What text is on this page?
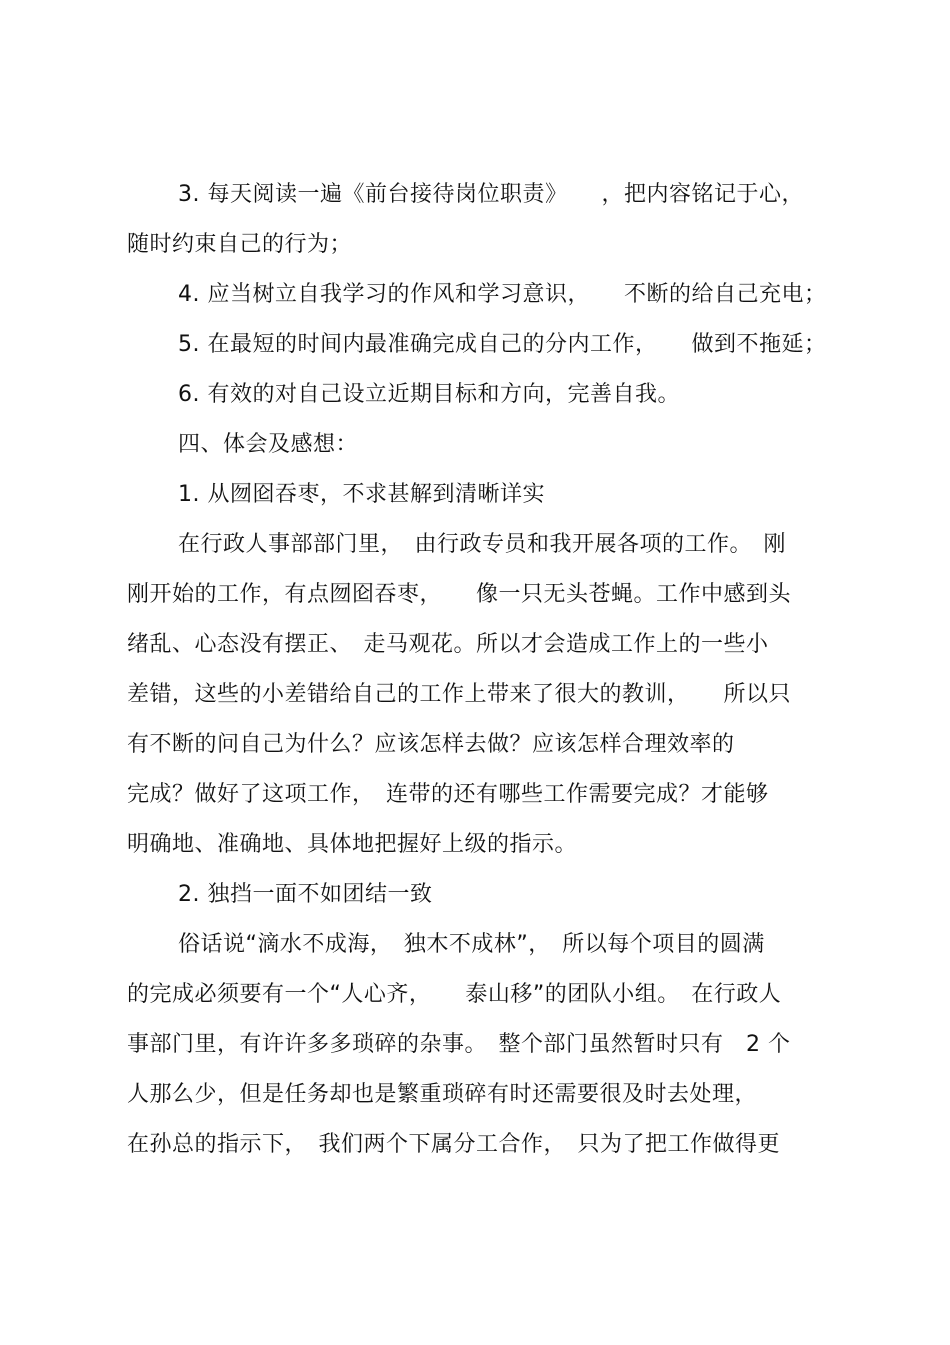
3. 每天阅读一遍《前台接待岗位职责》　　，把内容铭记于心，
随时约束自己的行为；
4. 应当树立自我学习的作风和学习意识，　　不断的给自己充电；
5. 在最短的时间内最准确完成自己的分内工作，　　做到不拖延；
6. 有效的对自己设立近期目标和方向，完善自我。
四、体会及感想：
1. 从囫囵吞枣，不求甚解到清晰详实
在行政人事部部门里，　由行政专员和我开展各项的工作。　刚
刚开始的工作，有点囫囵吞枣，　　像一只无头苍蝇。工作中感到头
绪乱、心态没有摆正、　走马观花。所以才会造成工作上的一些小
差错，这些的小差错给自己的工作上带来了很大的教训，　　所以只
有不断的问自己为什么？应该怎样去做？应该怎样合理效率的
完成？做好了这项工作，　连带的还有哪些工作需要完成？才能够
明确地、准确地、具体地把握好上级的指示。
2. 独挡一面不如团结一致
俗话说“滴水不成海，　独木不成林”，　所以每个项目的圆满
的完成必须要有一个“人心齐，　　泰山移”的团队小组。　在行政人
事部门里，有许许多多琐碎的杂事。　整个部门虽然暂时只有　2 个
人那么少，但是任务却也是繁重琐碎有时还需要很及时去处理，
在孙总的指示下，　我们两个下属分工合作，　只为了把工作做得更
